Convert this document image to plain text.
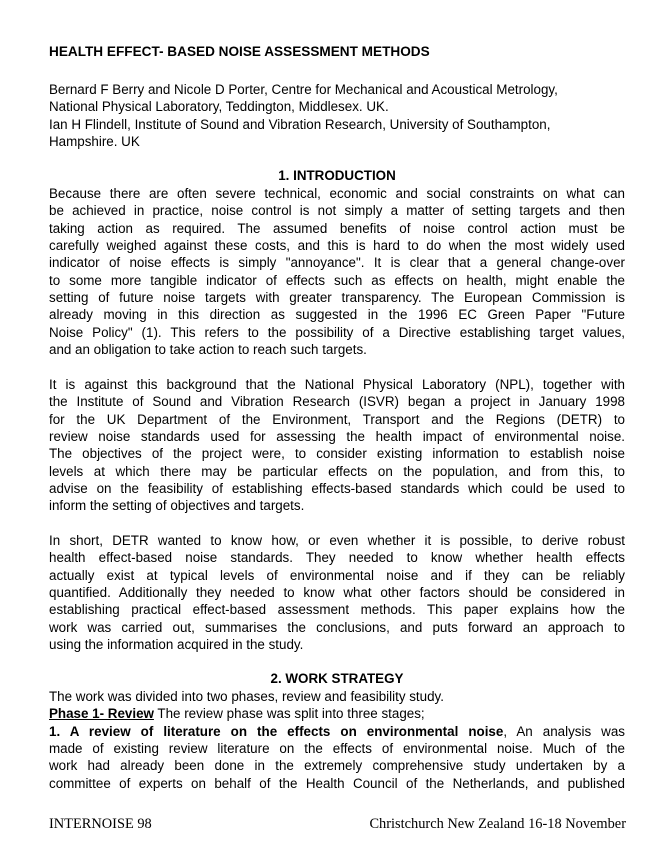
HEALTH EFFECT- BASED NOISE ASSESSMENT METHODS
Bernard F Berry and Nicole D Porter, Centre for Mechanical and Acoustical Metrology,
National Physical Laboratory, Teddington, Middlesex. UK.
Ian H Flindell, Institute of Sound and Vibration Research, University of Southampton,
Hampshire. UK
1. INTRODUCTION
Because there are often severe technical, economic and social constraints on what can
be achieved in practice, noise control is not simply a matter of setting targets and then
taking action as required. The assumed benefits of noise control action must be
carefully weighed against these costs, and this is hard to do when the most widely used
indicator of noise effects is simply "annoyance". It is clear that a general change-over
to some more tangible indicator of effects such as effects on health, might enable the
setting of future noise targets with greater transparency. The European Commission is
already moving in this direction as suggested in the 1996 EC Green Paper "Future
Noise Policy" (1). This refers to the possibility of a Directive establishing target values,
and an obligation to take action to reach such targets.
It is against this background that the National Physical Laboratory (NPL), together with
the Institute of Sound and Vibration Research (ISVR) began a project in January 1998
for the UK Department of the Environment, Transport and the Regions (DETR) to
review noise standards used for assessing the health impact of environmental noise.
The objectives of the project were, to consider existing information to establish noise
levels at which there may be particular effects on the population, and from this, to
advise on the feasibility of establishing effects-based standards which could be used to
inform the setting of objectives and targets.
In short, DETR wanted to know how, or even whether it is possible, to derive robust
health effect-based noise standards. They needed to know whether health effects
actually exist at typical levels of environmental noise and if they can be reliably
quantified. Additionally they needed to know what other factors should be considered in
establishing practical effect-based assessment methods. This paper explains how the
work was carried out, summarises the conclusions, and puts forward an approach to
using the information acquired in the study.
2. WORK STRATEGY
The work was divided into two phases, review and feasibility study.
Phase 1- Review The review phase was split into three stages;
1. A review of literature on the effects on environmental noise, An analysis was
made of existing review literature on the effects of environmental noise. Much of the
work had already been done in the extremely comprehensive study undertaken by a
committee of experts on behalf of the Health Council of the Netherlands, and published
INTERNOISE 98	Christchurch New Zealand 16-18 November
